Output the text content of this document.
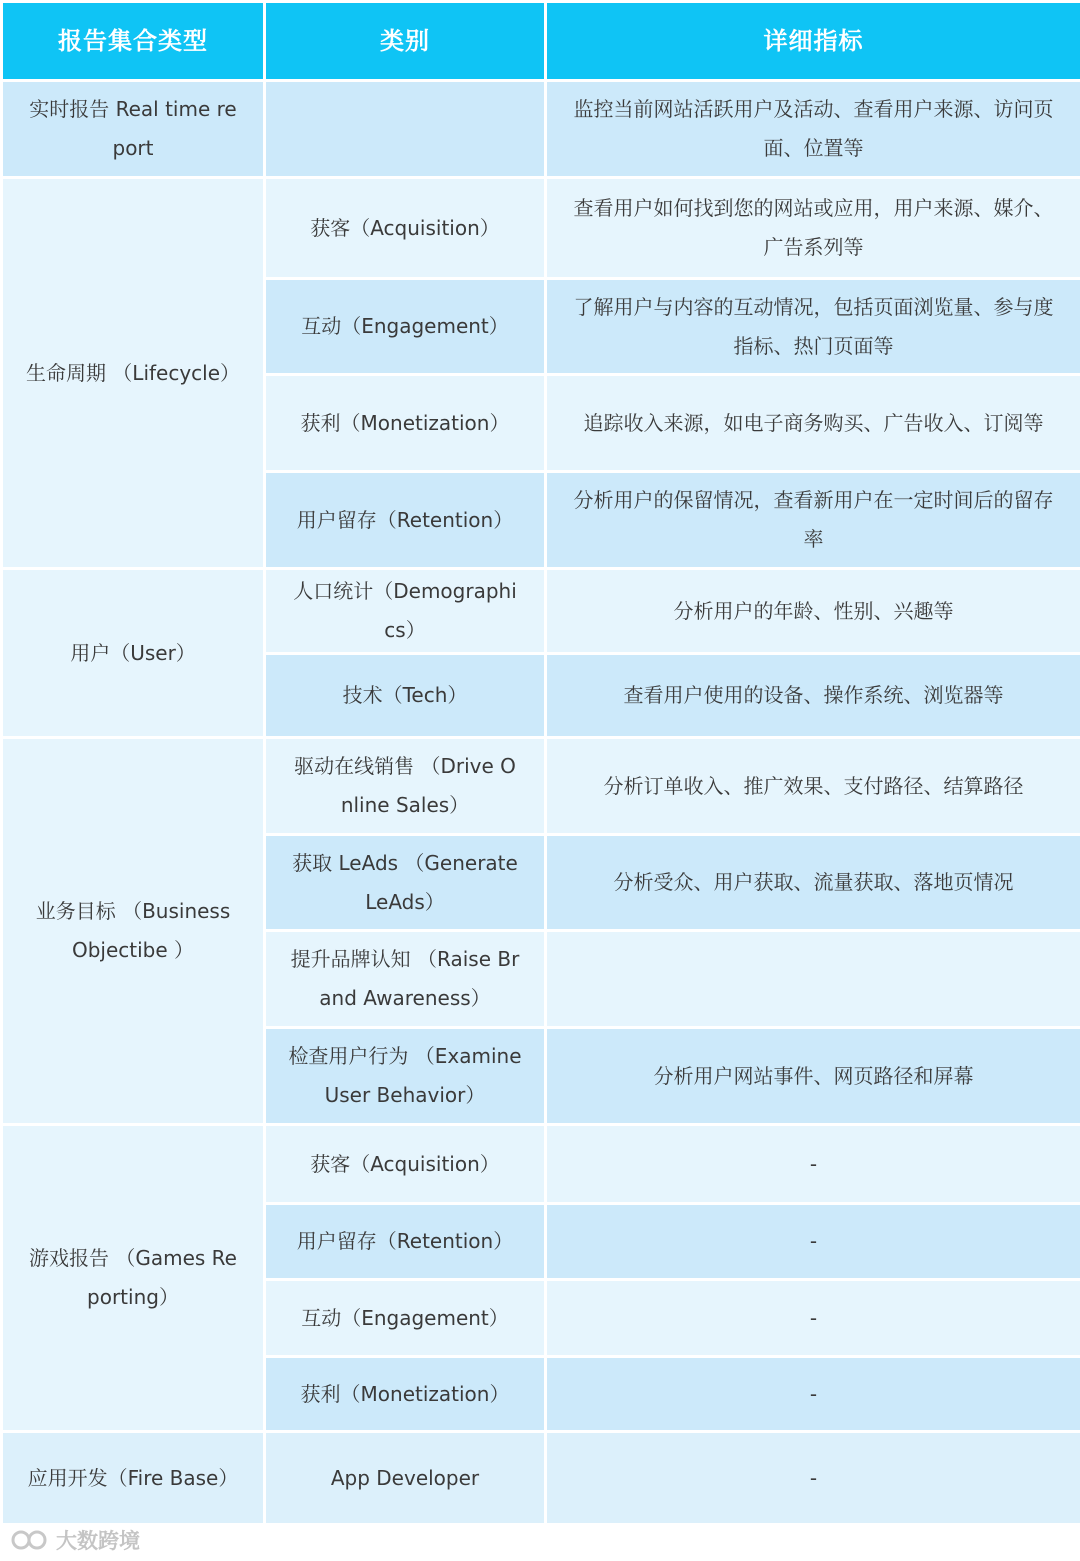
报告集合类型	类别	详细指标
实时报告 Real time report		监控当前网站活跃用户及活动、查看用户来源、访问页面、位置等
生命周期 （Lifecycle）	获客（Acquisition）	查看用户如何找到您的网站或应用，用户来源、媒介、广告系列等
	互动（Engagement）	了解用户与内容的互动情况，包括页面浏览量、参与度指标、热门页面等
	获利（Monetization）	追踪收入来源，如电子商务购买、广告收入、订阅等
	用户留存（Retention）	分析用户的保留情况，查看新用户在一定时间后的留存率
用户（User）	人口统计（Demographics）	分析用户的年龄、性别、兴趣等
	技术（Tech）	查看用户使用的设备、操作系统、浏览器等
业务目标 （Business Objectibe ）	驱动在线销售 （Drive Online Sales）	分析订单收入、推广效果、支付路径、结算路径
	获取 LeAds （Generate LeAds）	分析受众、用户获取、流量获取、落地页情况
	提升品牌认知 （Raise Brand Awareness）	
	检查用户行为 （Examine User Behavior）	分析用户网站事件、网页路径和屏幕
游戏报告 （Games Reporting）	获客（Acquisition）	-
	用户留存（Retention）	-
	互动（Engagement）	-
	获利（Monetization）	-
应用开发（Fire Base）	App Developer	-
大数跨境
